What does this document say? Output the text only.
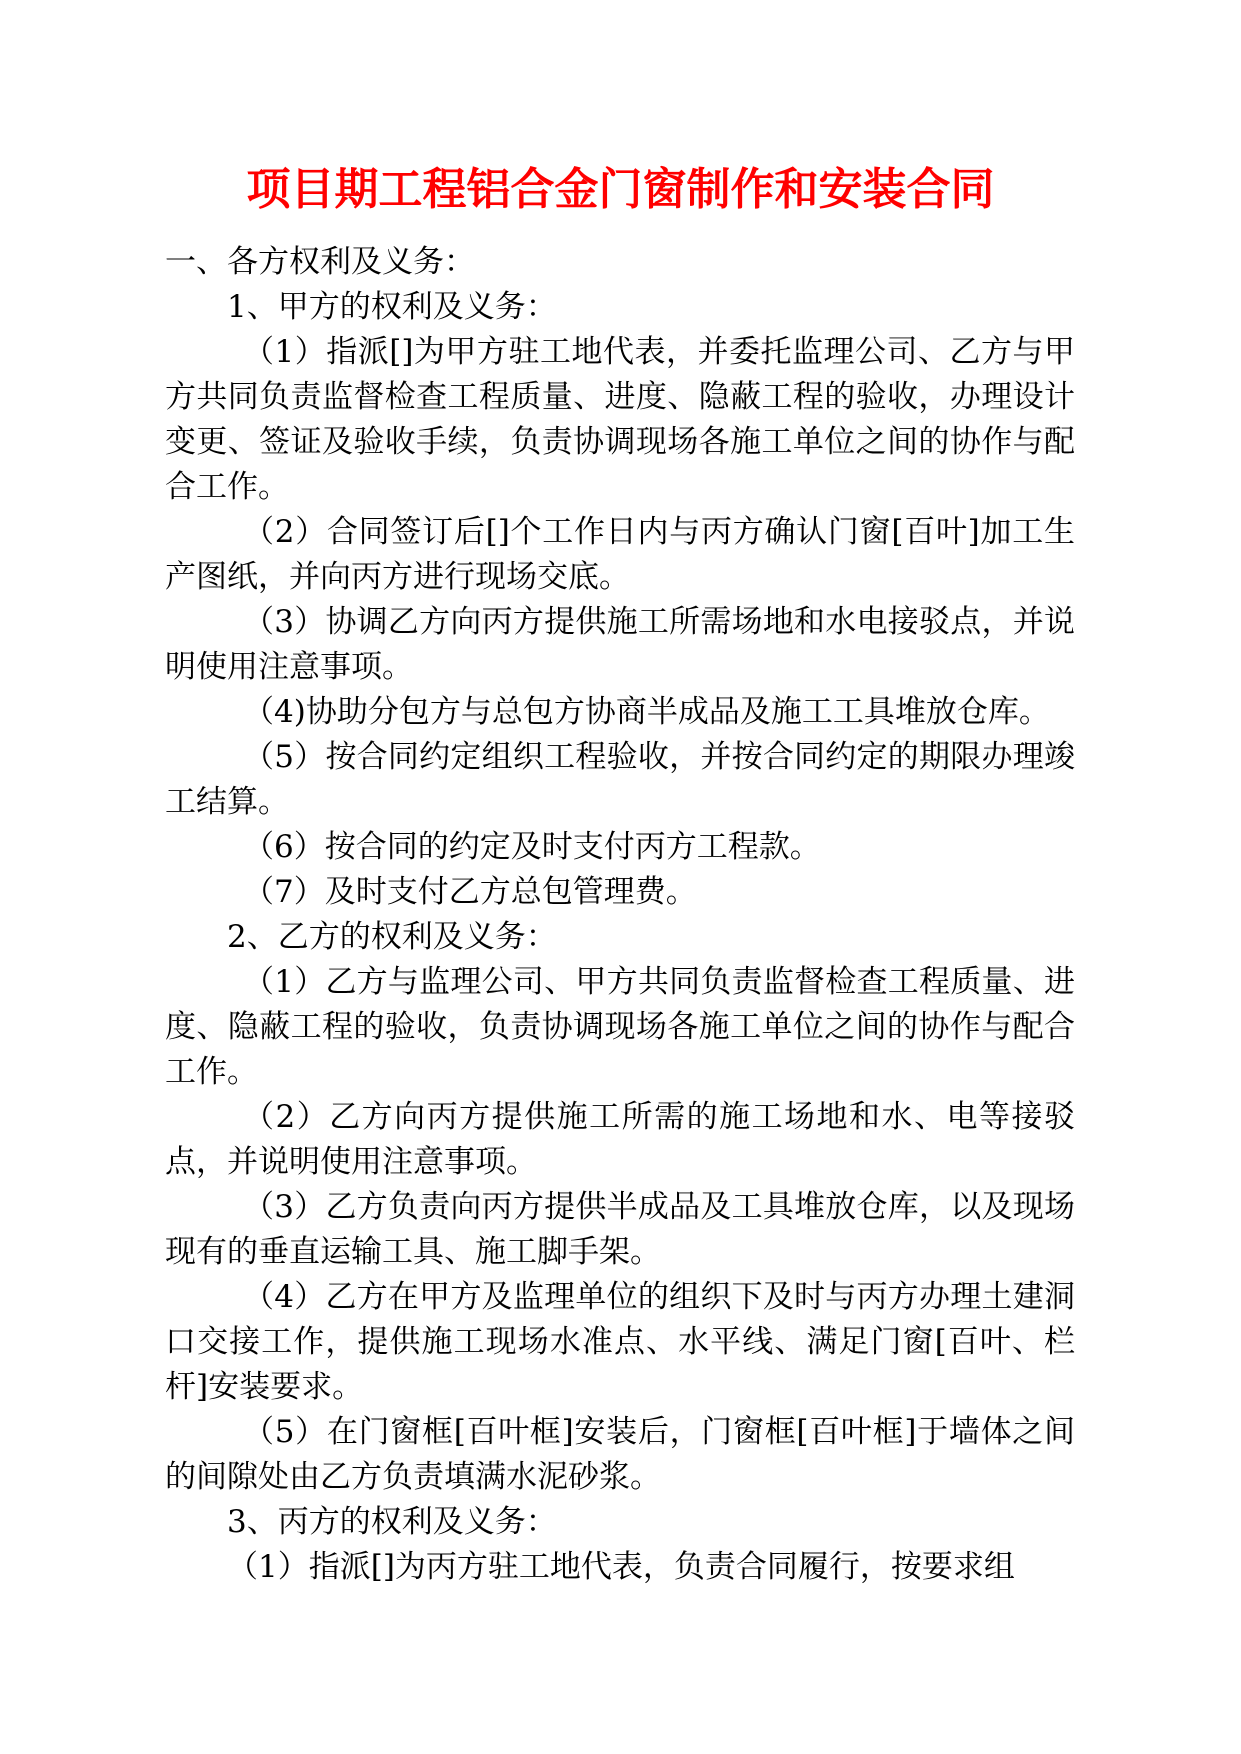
项目期工程铝合金门窗制作和安装合同

一、各方权利及义务：

1、甲方的权利及义务：

（1）指派[]为甲方驻工地代表，并委托监理公司、乙方与甲方共同负责监督检查工程质量、进度、隐蔽工程的验收，办理设计变更、签证及验收手续，负责协调现场各施工单位之间的协作与配合工作。

（2）合同签订后[]个工作日内与丙方确认门窗[百叶]加工生产图纸，并向丙方进行现场交底。

（3）协调乙方向丙方提供施工所需场地和水电接驳点，并说明使用注意事项。

（4)协助分包方与总包方协商半成品及施工工具堆放仓库。

（5）按合同约定组织工程验收，并按合同约定的期限办理竣工结算。

（6）按合同的约定及时支付丙方工程款。

（7）及时支付乙方总包管理费。

2、乙方的权利及义务：

（1）乙方与监理公司、甲方共同负责监督检查工程质量、进度、隐蔽工程的验收，负责协调现场各施工单位之间的协作与配合工作。

（2）乙方向丙方提供施工所需的施工场地和水、电等接驳点，并说明使用注意事项。

（3）乙方负责向丙方提供半成品及工具堆放仓库，以及现场现有的垂直运输工具、施工脚手架。

（4）乙方在甲方及监理单位的组织下及时与丙方办理土建洞口交接工作，提供施工现场水准点、水平线、满足门窗[百叶、栏杆]安装要求。

（5）在门窗框[百叶框]安装后，门窗框[百叶框]于墙体之间的间隙处由乙方负责填满水泥砂浆。

3、丙方的权利及义务：

（1）指派[]为丙方驻工地代表，负责合同履行，按要求组
